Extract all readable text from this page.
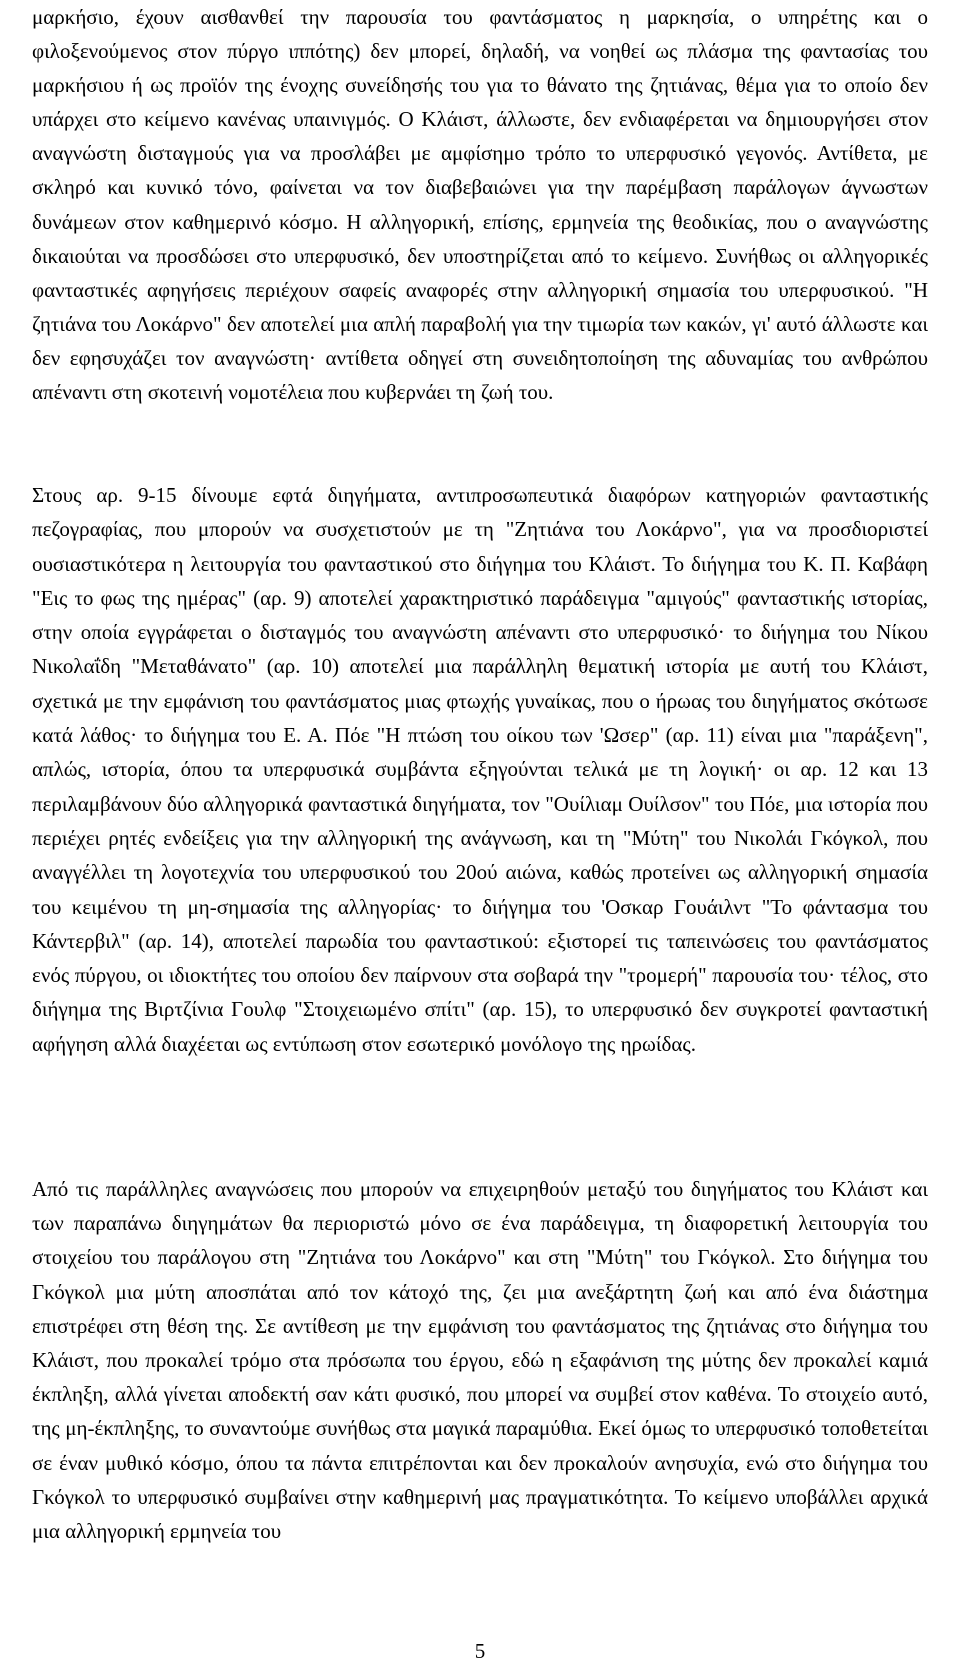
μαρκήσιο, έχουν αισθανθεί την παρουσία του φαντάσματος η μαρκησία, ο υπηρέτης και ο φιλοξενούμενος στον πύργο ιππότης) δεν μπορεί, δηλαδή, να νοηθεί ως πλάσμα της φαντασίας του μαρκήσιου ή ως προϊόν της ένοχης συνείδησής του για το θάνατο της ζητιάνας, θέμα για το οποίο δεν υπάρχει στο κείμενο κανένας υπαινιγμός. Ο Κλάιστ, άλλωστε, δεν ενδιαφέρεται να δημιουργήσει στον αναγνώστη δισταγμούς για να προσλάβει με αμφίσημο τρόπο το υπερφυσικό γεγονός. Αντίθετα, με σκληρό και κυνικό τόνο, φαίνεται να τον διαβεβαιώνει για την παρέμβαση παράλογων άγνωστων δυνάμεων στον καθημερινό κόσμο. Η αλληγορική, επίσης, ερμηνεία της θεοδικίας, που ο αναγνώστης δικαιούται να προσδώσει στο υπερφυσικό, δεν υποστηρίζεται από το κείμενο. Συνήθως οι αλληγορικές φανταστικές αφηγήσεις περιέχουν σαφείς αναφορές στην αλληγορική σημασία του υπερφυσικού. "Η ζητιάνα του Λοκάρνο" δεν αποτελεί μια απλή παραβολή για την τιμωρία των κακών, γι' αυτό άλλωστε και δεν εφησυχάζει τον αναγνώστη· αντίθετα οδηγεί στη συνειδητοποίηση της αδυναμίας του ανθρώπου απέναντι στη σκοτεινή νομοτέλεια που κυβερνάει τη ζωή του.

Στους αρ. 9-15 δίνουμε εφτά διηγήματα, αντιπροσωπευτικά διαφόρων κατηγοριών φανταστικής πεζογραφίας, που μπορούν να συσχετιστούν με τη "Ζητιάνα του Λοκάρνο", για να προσδιοριστεί ουσιαστικότερα η λειτουργία του φανταστικού στο διήγημα του Κλάιστ. Το διήγημα του Κ. Π. Καβάφη "Εις το φως της ημέρας" (αρ. 9) αποτελεί χαρακτηριστικό παράδειγμα "αμιγούς" φανταστικής ιστορίας, στην οποία εγγράφεται ο δισταγμός του αναγνώστη απέναντι στο υπερφυσικό· το διήγημα του Νίκου Νικολαΐδη "Μεταθάνατο" (αρ. 10) αποτελεί μια παράλληλη θεματική ιστορία με αυτή του Κλάιστ, σχετικά με την εμφάνιση του φαντάσματος μιας φτωχής γυναίκας, που ο ήρωας του διηγήματος σκότωσε κατά λάθος· το διήγημα του Ε. Α. Πόε "Η πτώση του οίκου των 'Ωσερ" (αρ. 11) είναι μια "παράξενη", απλώς, ιστορία, όπου τα υπερφυσικά συμβάντα εξηγούνται τελικά με τη λογική· οι αρ. 12 και 13 περιλαμβάνουν δύο αλληγορικά φανταστικά διηγήματα, τον "Ουίλιαμ Ουίλσον" του Πόε, μια ιστορία που περιέχει ρητές ενδείξεις για την αλληγορική της ανάγνωση, και τη "Μύτη" του Νικολάι Γκόγκολ, που αναγγέλλει τη λογοτεχνία του υπερφυσικού του 20ού αιώνα, καθώς προτείνει ως αλληγορική σημασία του κειμένου τη μη-σημασία της αλληγορίας· το διήγημα του 'Οσκαρ Γουάιλντ "Το φάντασμα του Κάντερβιλ" (αρ. 14), αποτελεί παρωδία του φανταστικού: εξιστορεί τις ταπεινώσεις του φαντάσματος ενός πύργου, οι ιδιοκτήτες του οποίου δεν παίρνουν στα σοβαρά την "τρομερή" παρουσία του· τέλος, στο διήγημα της Βιρτζίνια Γουλφ "Στοιχειωμένο σπίτι" (αρ. 15), το υπερφυσικό δεν συγκροτεί φανταστική αφήγηση αλλά διαχέεται ως εντύπωση στον εσωτερικό μονόλογο της ηρωίδας.

Από τις παράλληλες αναγνώσεις που μπορούν να επιχειρηθούν μεταξύ του διηγήματος του Κλάιστ και των παραπάνω διηγημάτων θα περιοριστώ μόνο σε ένα παράδειγμα, τη διαφορετική λειτουργία του στοιχείου του παράλογου στη "Ζητιάνα του Λοκάρνο" και στη "Μύτη" του Γκόγκολ. Στο διήγημα του Γκόγκολ μια μύτη αποσπάται από τον κάτοχό της, ζει μια ανεξάρτητη ζωή και από ένα διάστημα επιστρέφει στη θέση της. Σε αντίθεση με την εμφάνιση του φαντάσματος της ζητιάνας στο διήγημα του Κλάιστ, που προκαλεί τρόμο στα πρόσωπα του έργου, εδώ η εξαφάνιση της μύτης δεν προκαλεί καμιά έκπληξη, αλλά γίνεται αποδεκτή σαν κάτι φυσικό, που μπορεί να συμβεί στον καθένα. Το στοιχείο αυτό, της μη-έκπληξης, το συναντούμε συνήθως στα μαγικά παραμύθια. Εκεί όμως το υπερφυσικό τοποθετείται σε έναν μυθικό κόσμο, όπου τα πάντα επιτρέπονται και δεν προκαλούν ανησυχία, ενώ στο διήγημα του Γκόγκολ το υπερφυσικό συμβαίνει στην καθημερινή μας πραγματικότητα. Το κείμενο υποβάλλει αρχικά μια αλληγορική ερμηνεία του

5
